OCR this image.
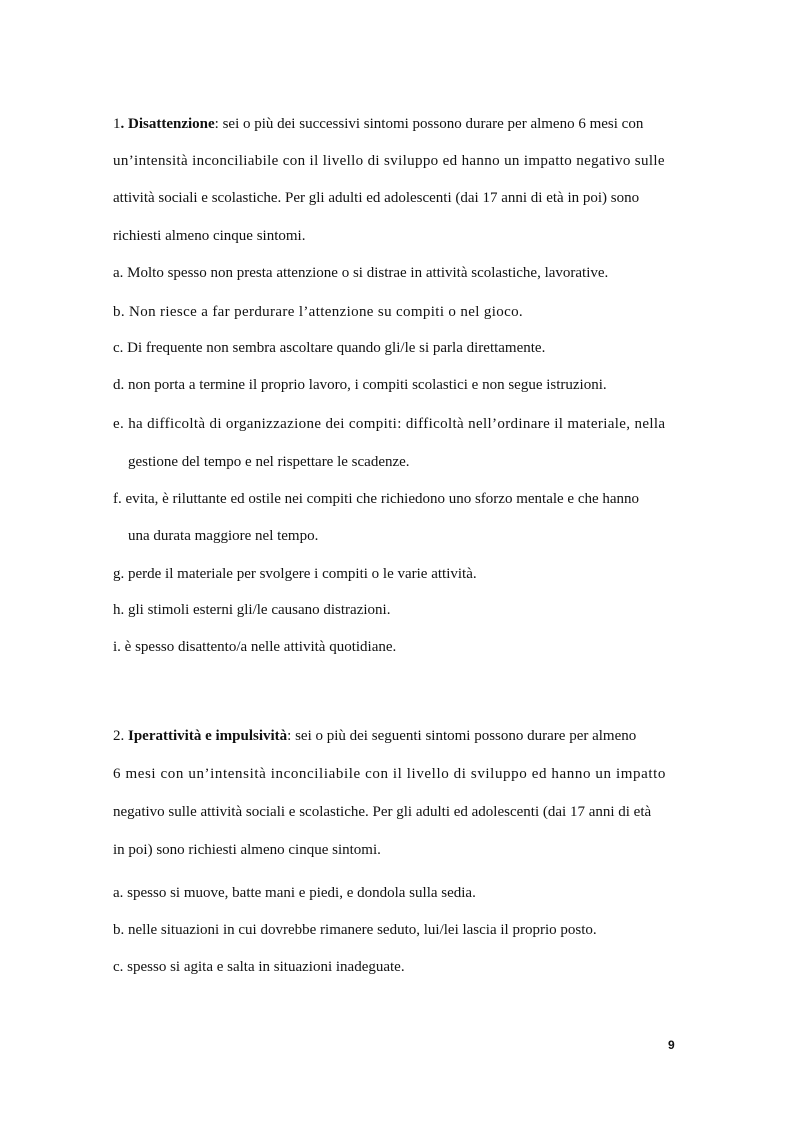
1. Disattenzione: sei o più dei successivi sintomi possono durare per almeno 6 mesi con
un’intensità inconciliabile con il livello di sviluppo ed hanno un impatto negativo sulle
attività sociali e scolastiche. Per gli adulti ed adolescenti (dai 17 anni di età in poi) sono
richiesti almeno cinque sintomi.
a. Molto spesso non presta attenzione o si distrae in attività scolastiche, lavorative.
b. Non riesce a far perdurare l’attenzione su compiti o nel gioco.
c. Di frequente non sembra ascoltare quando gli/le si parla direttamente.
d. non porta a termine il proprio lavoro, i compiti scolastici e non segue istruzioni.
e. ha difficoltà di organizzazione dei compiti: difficoltà nell’ordinare il materiale, nella
gestione del tempo e nel rispettare le scadenze.
f. evita, è riluttante ed ostile nei compiti che richiedono uno sforzo mentale e che hanno
una durata maggiore nel tempo.
g. perde il materiale per svolgere i compiti o le varie attività.
h. gli stimoli esterni gli/le causano distrazioni.
i. è spesso disattento/a nelle attività quotidiane.
2. Iperattività e impulsività: sei o più dei seguenti sintomi possono durare per almeno
6 mesi con un’intensità inconciliabile con il livello di sviluppo ed hanno un impatto
negativo sulle attività sociali e scolastiche. Per gli adulti ed adolescenti (dai 17 anni di età
in poi) sono richiesti almeno cinque sintomi.
a. spesso si muove, batte mani e piedi, e dondola sulla sedia.
b. nelle situazioni in cui dovrebbe rimanere seduto, lui/lei lascia il proprio posto.
c. spesso si agita e salta in situazioni inadeguate.
9
